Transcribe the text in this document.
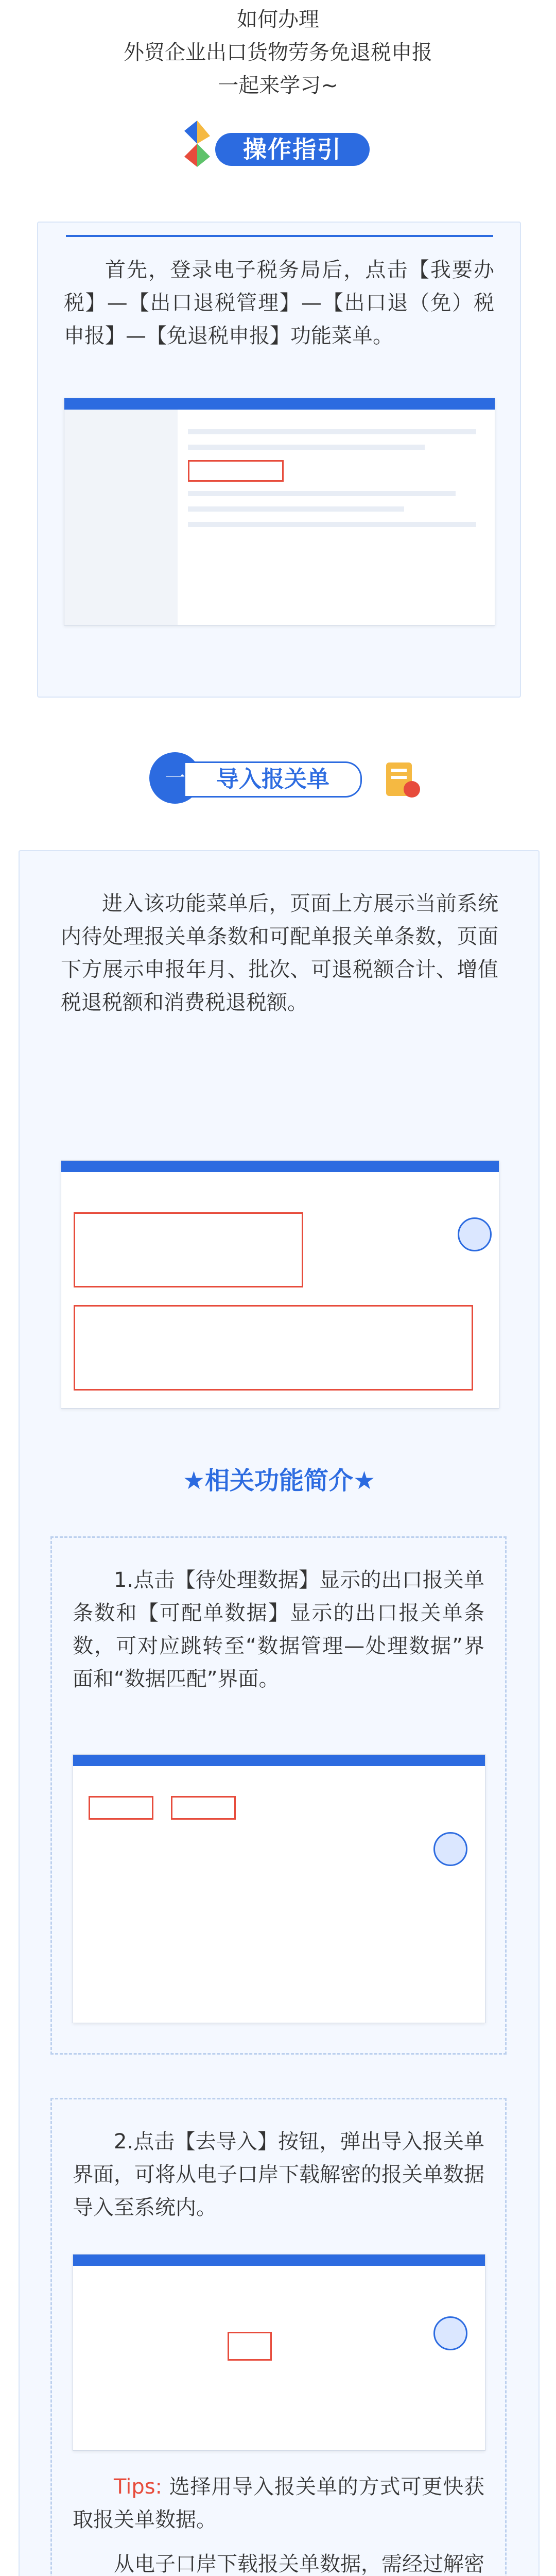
如何办理
外贸企业出口货物劳务免退税申报
一起来学习~
操作指引
首先，登录电子税务局后，点击【我要办税】—【出口退税管理】—【出口退（免）税申报】—【免退税申报】功能菜单。
一	导入报关单
进入该功能菜单后，页面上方展示当前系统内待处理报关单条数和可配单报关单条数，页面下方展示申报年月、批次、可退税额合计、增值税退税额和消费税退税额。
★相关功能简介★
1.点击【待处理数据】显示的出口报关单条数和【可配单数据】显示的出口报关单条数，可对应跳转至“数据管理—处理数据”界面和“数据匹配”界面。
2.点击【去导入】按钮，弹出导入报关单界面，可将从电子口岸下载解密的报关单数据导入至系统内。
Tips: 选择用导入报关单的方式可更快获取报关单数据。
从电子口岸下载报关单数据，需经过解密
